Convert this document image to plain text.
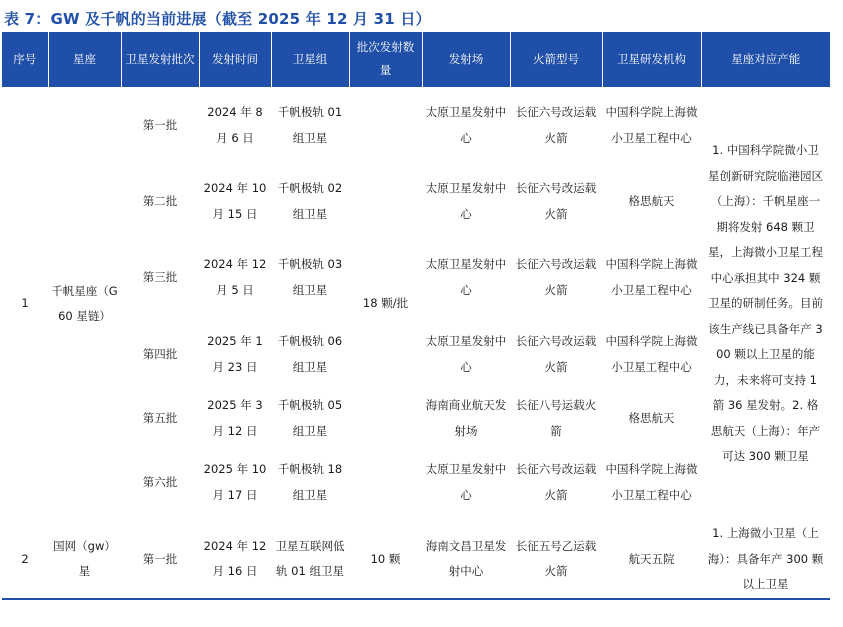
表 7：GW 及千帆的当前进展（截至 2025 年 12 月 31 日）
序号	星座	卫星发射批次	发射时间	卫星组	批次发射数量	发射场	火箭型号	卫星研发机构	星座对应产能
1	千帆星座（G60 星链）	第一批	2024 年 8 月 6 日	千帆极轨 01 组卫星	18 颗/批	太原卫星发射中心	长征六号改运载火箭	中国科学院上海微小卫星工程中心	1. 中国科学院微小卫星创新研究院临港园区（上海）：千帆星座一期将发射 648 颗卫星，上海微小卫星工程中心承担其中 324 颗卫星的研制任务。目前该生产线已具备年产 300 颗以上卫星的能力，未来将可支持 1 箭 36 星发射。2. 格思航天（上海）：年产可达 300 颗卫星
		第二批	2024 年 10 月 15 日	千帆极轨 02 组卫星		太原卫星发射中心	长征六号改运载火箭	格思航天	
		第三批	2024 年 12 月 5 日	千帆极轨 03 组卫星		太原卫星发射中心	长征六号改运载火箭	中国科学院上海微小卫星工程中心	
		第四批	2025 年 1 月 23 日	千帆极轨 06 组卫星		太原卫星发射中心	长征六号改运载火箭	中国科学院上海微小卫星工程中心	
		第五批	2025 年 3 月 12 日	千帆极轨 05 组卫星		海南商业航天发射场	长征八号运载火箭	格思航天	
		第六批	2025 年 10 月 17 日	千帆极轨 18 组卫星		太原卫星发射中心	长征六号改运载火箭	中国科学院上海微小卫星工程中心	
2	国网（gw）星	第一批	2024 年 12 月 16 日	卫星互联网低轨 01 组卫星	10 颗	海南文昌卫星发射中心	长征五号乙运载火箭	航天五院	1. 上海微小卫星（上海）：具备年产 300 颗以上卫星
